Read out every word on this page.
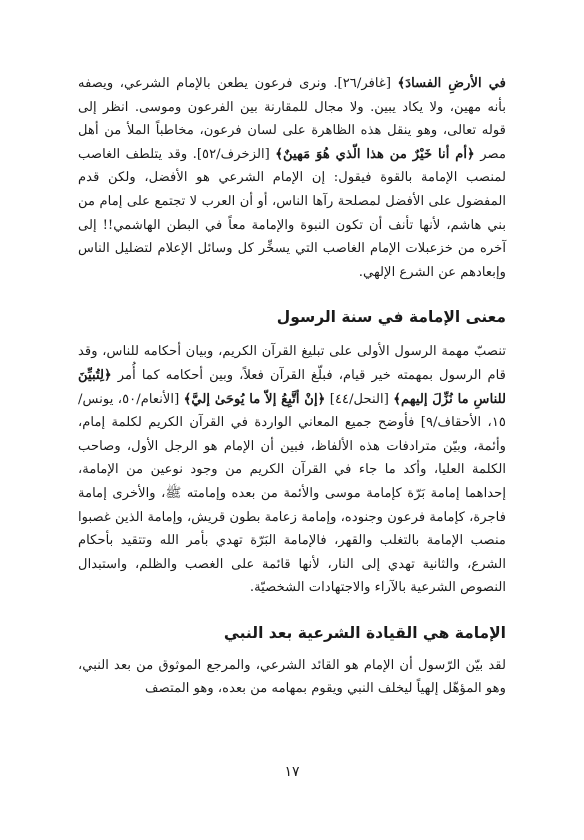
في الأرضِ الفسادَ﴾ [غافر/٢٦]. ونرى فرعون يطعن بالإمام الشرعي، ويصفه بأنه مهين، ولا يكاد يبين. ولا مجال للمقارنة بين الفرعون وموسى. انظر إلى قوله تعالى، وهو ينقل هذه الظاهرة على لسان فرعون، مخاطباً الملأ من أهل مصر ﴿أم أنا خَيْرٌ من هذا الّذي هُوَ مَهينٌ﴾ [الزخرف/٥٢]. وقد يتلطف الغاصب لمنصب الإمامة بالقوة فيقول: إن الإمام الشرعي هو الأفضل، ولكن قدم المفضول على الأفضل لمصلحة رآها الناس، أو أن العرب لا تجتمع على إمام من بني هاشم، لأنها تأنف أن تكون النبوة والإمامة معاً في البطن الهاشمي!! إلى آخره من خزعبلات الإمام الغاصب التي يسخِّر كل وسائل الإعلام لتضليل الناس وإبعادهم عن الشرع الإلهي.

معنى الإمامة في سنة الرسول

تنصبّ مهمة الرسول الأولى على تبليغ القرآن الكريم، وبيان أحكامه للناس، وقد قام الرسول بمهمته خير قيام، فبلّغ القرآن فعلاً، وبين أحكامه كما أُمر ﴿لِتُبيِّنَ للناسِ ما نُزِّلَ إليهم﴾ [النحل/٤٤] ﴿إنْ أتَّبِعُ إلاّ ما يُوحَىٰ إليَّ﴾ [الأنعام/٥٠، يونس/١٥، الأحقاف/٩] فأوضح جميع المعاني الواردة في القرآن الكريم لكلمة إمام، وأئمة، وبيّن مترادفات هذه الألفاظ، فبين أن الإمام هو الرجل الأول، وصاحب الكلمة العليا، وأكد ما جاء في القرآن الكريم من وجود نوعين من الإمامة، إحداهما إمامة بَرّة كإمامة موسى والأئمة من بعده وإمامته ﷺ، والأخرى إمامة فاجرة، كإمامة فرعون وجنوده، وإمامة زعامة بطون قريش، وإمامة الذين غصبوا منصب الإمامة بالتغلب والقهر، فالإمامة البَرّة تهدي بأمر الله وتتقيد بأحكام الشرع، والثانية تهدي إلى النار، لأنها قائمة على الغصب والظلم، واستبدال النصوص الشرعية بالآراء والاجتهادات الشخصيّة.

الإمامة هي القيادة الشرعية بعد النبي

لقد بيّن الرّسول أن الإمام هو القائد الشرعي، والمرجع الموثوق من بعد النبي، وهو المؤهّل إلهياً ليخلف النبي ويقوم بمهامه من بعده، وهو المتصف

١٧
